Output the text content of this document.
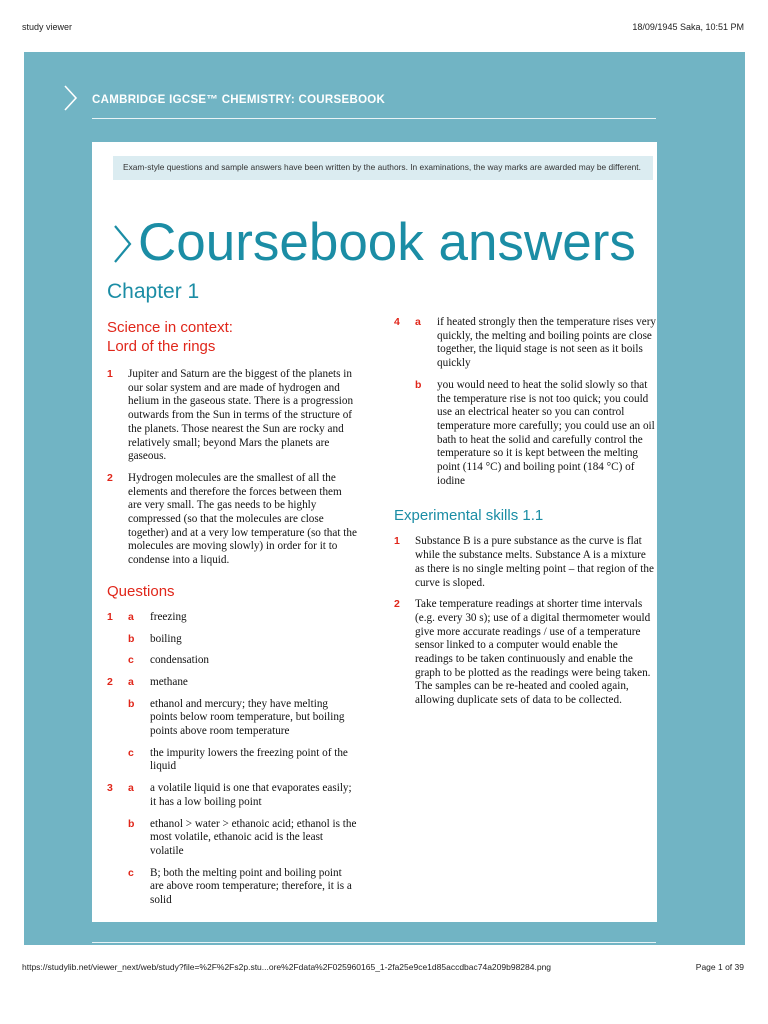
study viewer	18/09/1945 Saka, 10:51 PM
CAMBRIDGE IGCSE™ CHEMISTRY: COURSEBOOK
Exam-style questions and sample answers have been written by the authors. In examinations, the way marks are awarded may be different.
Coursebook answers
Chapter 1
Science in context:
Lord of the rings
1 Jupiter and Saturn are the biggest of the planets in our solar system and are made of hydrogen and helium in the gaseous state. There is a progression outwards from the Sun in terms of the structure of the planets. Those nearest the Sun are rocky and relatively small; beyond Mars the planets are gaseous.
2 Hydrogen molecules are the smallest of all the elements and therefore the forces between them are very small. The gas needs to be highly compressed (so that the molecules are close together) and at a very low temperature (so that the molecules are moving slowly) in order for it to condense into a liquid.
Questions
1 a freezing
b boiling
c condensation
2 a methane
b ethanol and mercury; they have melting points below room temperature, but boiling points above room temperature
c the impurity lowers the freezing point of the liquid
3 a a volatile liquid is one that evaporates easily; it has a low boiling point
b ethanol > water > ethanoic acid; ethanol is the most volatile, ethanoic acid is the least volatile
c B; both the melting point and boiling point are above room temperature; therefore, it is a solid
4 a if heated strongly then the temperature rises very quickly, the melting and boiling points are close together, the liquid stage is not seen as it boils quickly
b you would need to heat the solid slowly so that the temperature rise is not too quick; you could use an electrical heater so you can control temperature more carefully; you could use an oil bath to heat the solid and carefully control the temperature so it is kept between the melting point (114 °C) and boiling point (184 °C) of iodine
Experimental skills 1.1
1 Substance B is a pure substance as the curve is flat while the substance melts. Substance A is a mixture as there is no single melting point – that region of the curve is sloped.
2 Take temperature readings at shorter time intervals (e.g. every 30 s); use of a digital thermometer would give more accurate readings / use of a temperature sensor linked to a computer would enable the readings to be taken continuously and enable the graph to be plotted as the readings were being taken. The samples can be re-heated and cooled again, allowing duplicate sets of data to be collected.
https://studylib.net/viewer_next/web/study?file=%2F%2Fs2p.stu...ore%2Fdata%2F025960165_1-2fa25e9ce1d85accdbac74a209b98284.png	Page 1 of 39
